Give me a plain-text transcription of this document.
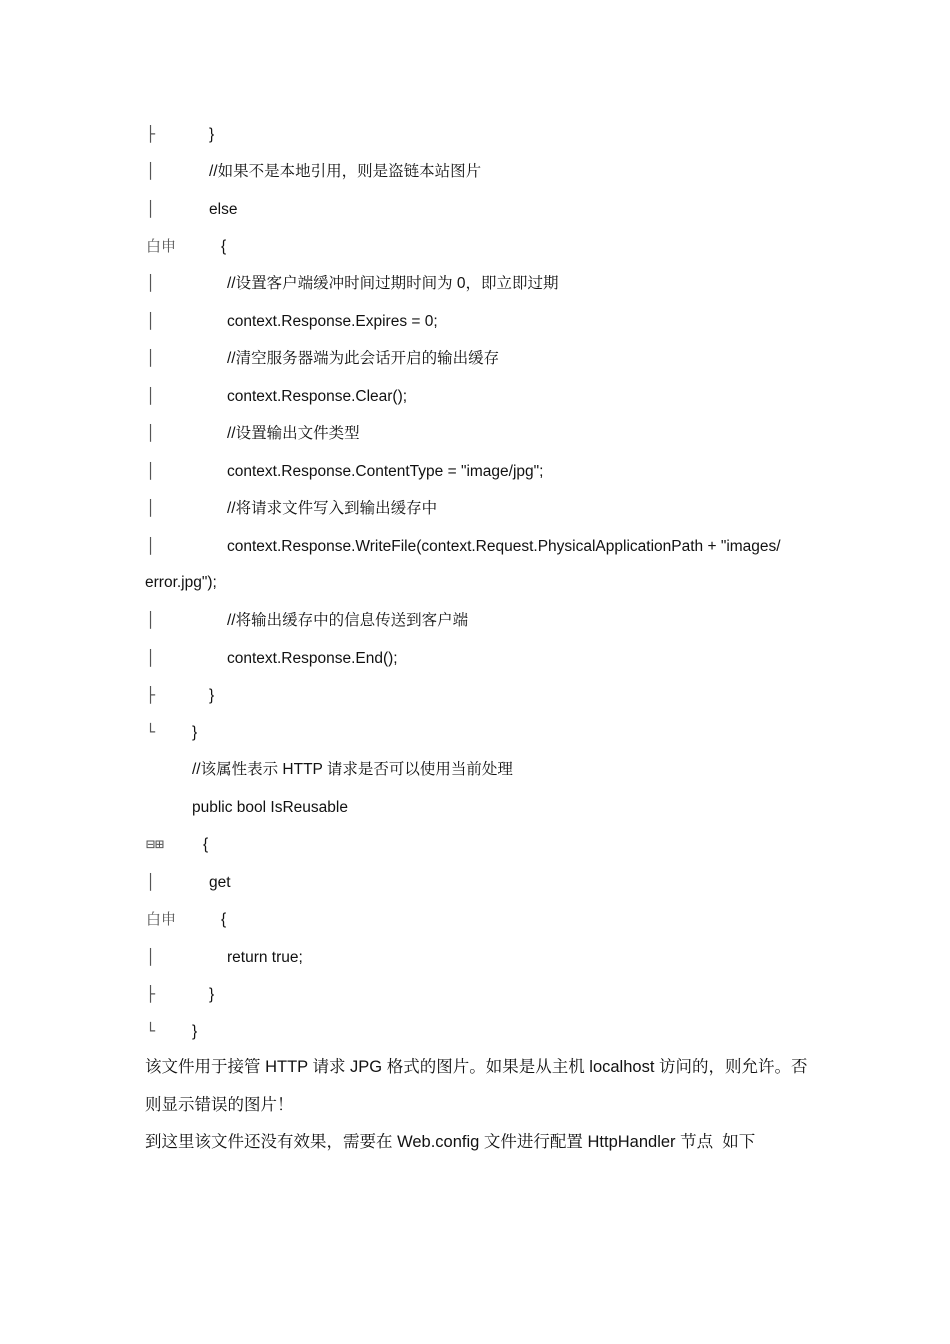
├	}
│	//如果不是本地引用，则是盗链本站图片
│	else
白申	{
│	//设置客户端缓冲时间过期时间为 0，即立即过期
│	context.Response.Expires = 0;
│	//清空服务器端为此会话开启的输出缓存
│	context.Response.Clear();
│	//设置输出文件类型
│	context.Response.ContentType = "image/jpg";
│	//将请求文件写入到输出缓存中
│	context.Response.WriteFile(context.Request.PhysicalApplicationPath + "images/
error.jpg");
│	//将输出缓存中的信息传送到客户端
│	context.Response.End();
├	}
└ }
//该属性表示 HTTP 请求是否可以使用当前处理
public bool IsReusable
⊟⊞	{
│	get
白申	{
│	return true;
├	}
└ }
该文件用于接管 HTTP 请求 JPG 格式的图片。如果是从主机 localhost 访问的，则允许。否
则显示错误的图片！
到这里该文件还没有效果，需要在 Web.config 文件进行配置 HttpHandler 节点  如下
